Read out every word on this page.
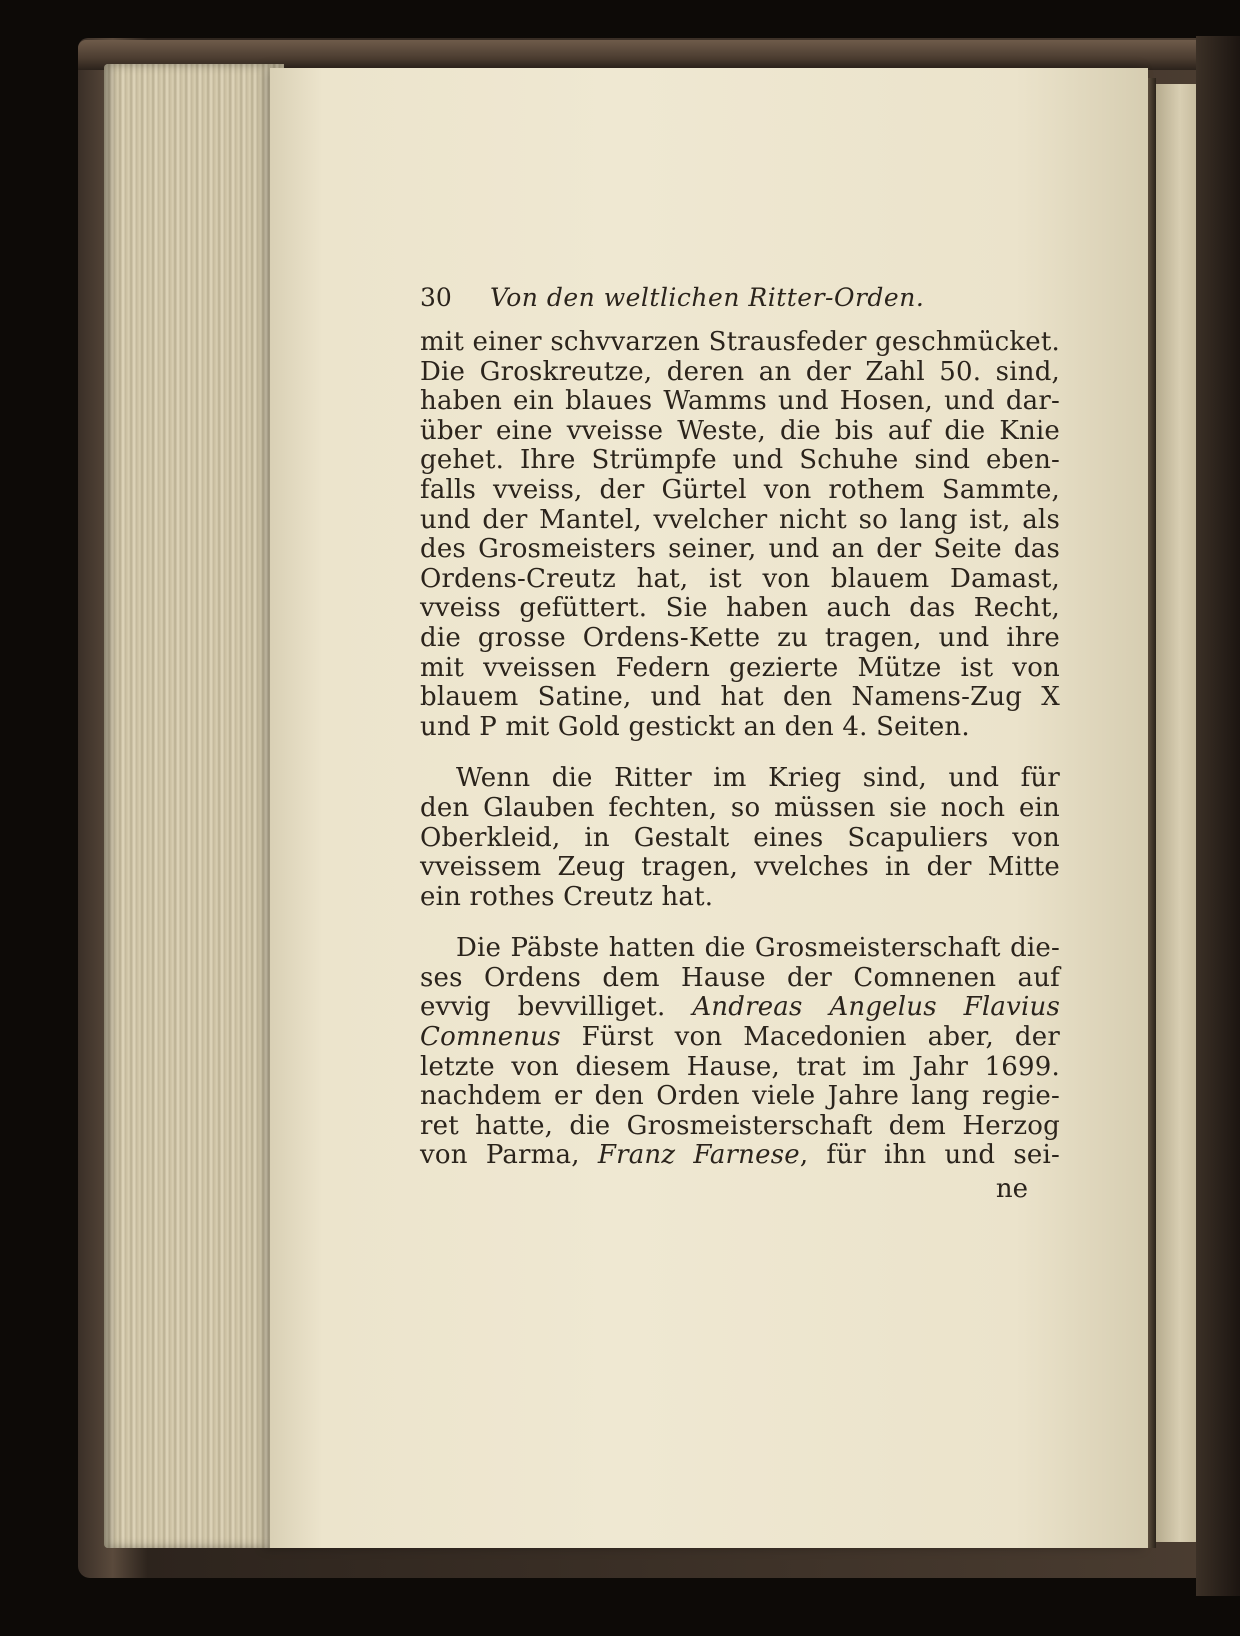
30	Von den weltlichen Ritter-Orden.

mit einer schvvarzen Strausfeder geschmücket.
Die Groskreutze, deren an der Zahl 50. sind,
haben ein blaues Wamms und Hosen, und dar-
über eine vveisse Weste, die bis auf die Knie
gehet. Ihre Strümpfe und Schuhe sind eben-
falls vveiss, der Gürtel von rothem Sammte,
und der Mantel, vvelcher nicht so lang ist, als
des Grosmeisters seiner, und an der Seite das
Ordens-Creutz hat, ist von blauem Damast,
vveiss gefüttert. Sie haben auch das Recht,
die grosse Ordens-Kette zu tragen, und ihre
mit vveissen Federn gezierte Mütze ist von
blauem Satine, und hat den Namens-Zug X
und P mit Gold gestickt an den 4. Seiten.

Wenn die Ritter im Krieg sind, und für
den Glauben fechten, so müssen sie noch ein
Oberkleid, in Gestalt eines Scapuliers von
vveissem Zeug tragen, vvelches in der Mitte
ein rothes Creutz hat.

Die Päbste hatten die Grosmeisterschaft die-
ses Ordens dem Hause der Comnenen auf
evvig bevvilliget. Andreas Angelus Flavius
Comnenus Fürst von Macedonien aber, der
letzte von diesem Hause, trat im Jahr 1699.
nachdem er den Orden viele Jahre lang regie-
ret hatte, die Grosmeisterschaft dem Herzog
von Parma, Franz Farnese, für ihn und sei-

ne
